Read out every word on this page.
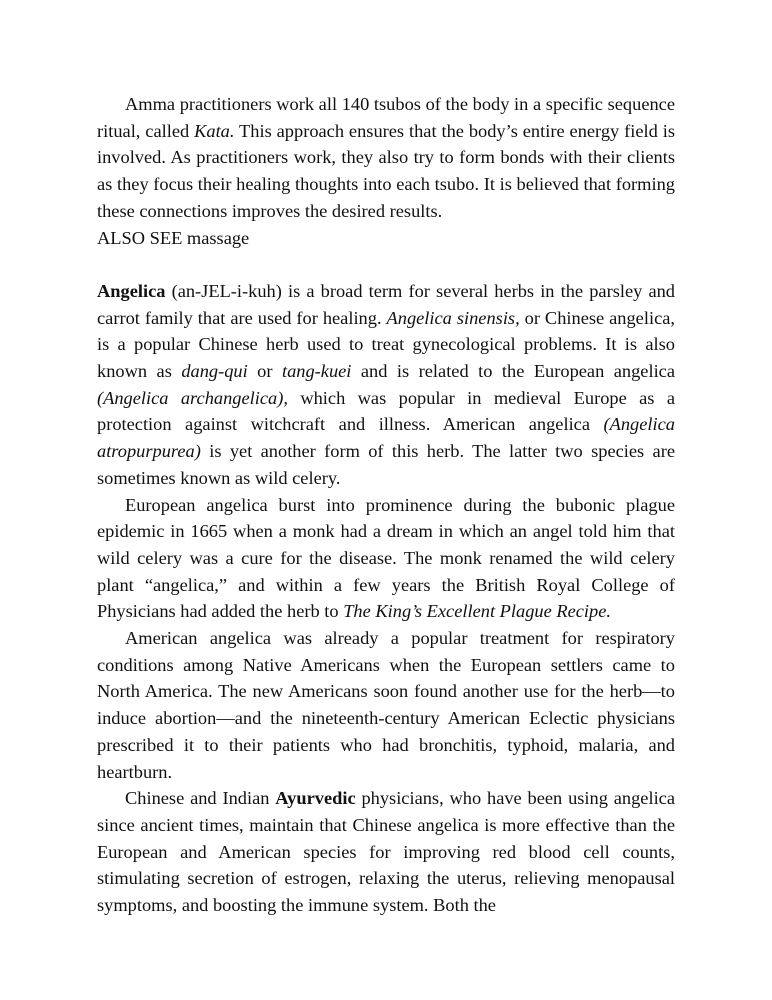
Amma practitioners work all 140 tsubos of the body in a specific sequence ritual, called Kata. This approach ensures that the body’s entire energy field is involved. As practitioners work, they also try to form bonds with their clients as they focus their healing thoughts into each tsubo. It is believed that forming these connections improves the desired results.

ALSO SEE massage

Angelica (an-JEL-i-kuh) is a broad term for several herbs in the parsley and carrot family that are used for healing. Angelica sinensis, or Chinese angelica, is a popular Chinese herb used to treat gynecological problems. It is also known as dang-qui or tang-kuei and is related to the European angelica (Angelica archangelica), which was popular in medieval Europe as a protection against witchcraft and illness. American angelica (Angelica atropurpurea) is yet another form of this herb. The latter two species are sometimes known as wild celery.

European angelica burst into prominence during the bubonic plague epidemic in 1665 when a monk had a dream in which an angel told him that wild celery was a cure for the disease. The monk renamed the wild celery plant “angelica,” and within a few years the British Royal College of Physicians had added the herb to The King’s Excellent Plague Recipe.

American angelica was already a popular treatment for respiratory conditions among Native Americans when the European settlers came to North America. The new Americans soon found another use for the herb—to induce abortion—and the nineteenth-century American Eclectic physicians prescribed it to their patients who had bronchitis, typhoid, malaria, and heartburn.

Chinese and Indian Ayurvedic physicians, who have been using angelica since ancient times, maintain that Chinese angelica is more effective than the European and American species for improving red blood cell counts, stimulating secretion of estrogen, relaxing the uterus, relieving menopausal symptoms, and boosting the immune system. Both the
